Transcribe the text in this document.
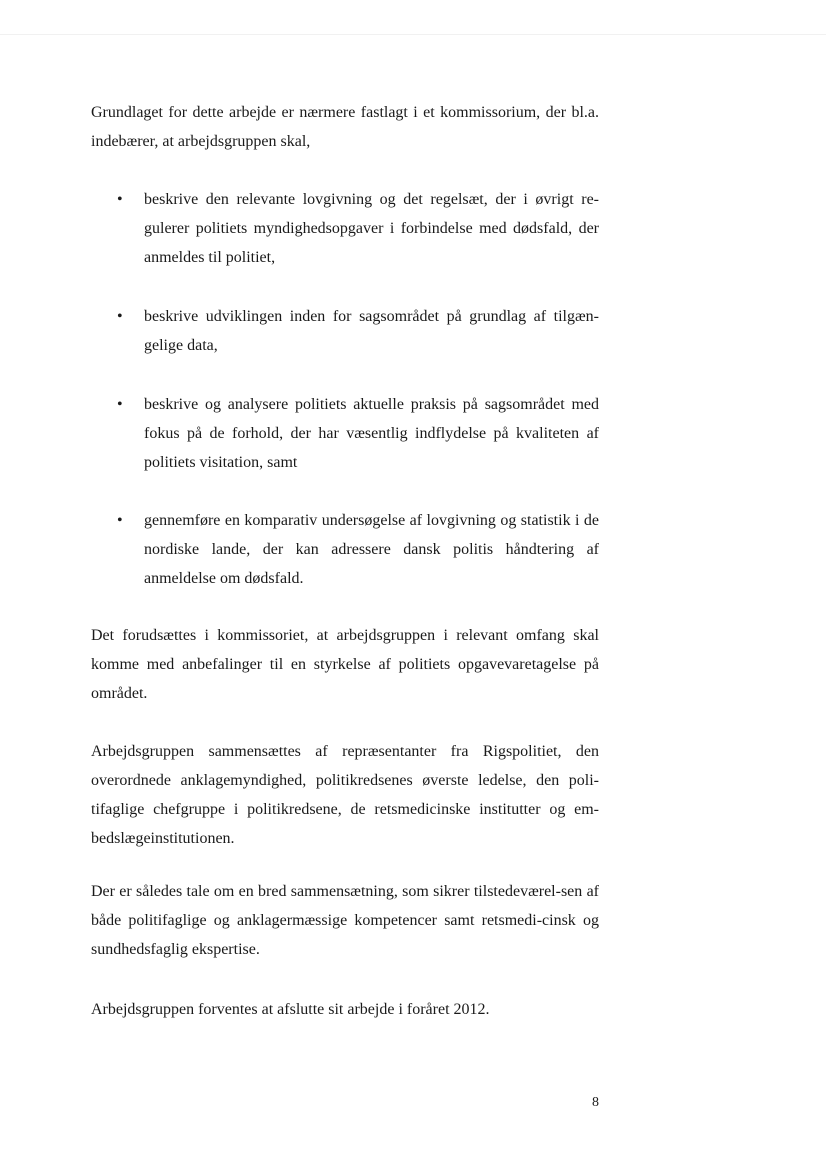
Grundlaget for dette arbejde er nærmere fastlagt i et kommissorium, der bl.a. indebærer, at arbejdsgruppen skal,

•	beskrive den relevante lovgivning og det regelsæt, der i øvrigt re-gulerer politiets myndighedsopgaver i forbindelse med dødsfald, der anmeldes til politiet,
•	beskrive udviklingen inden for sagsområdet på grundlag af tilgæn-gelige data,
•	beskrive og analysere politiets aktuelle praksis på sagsområdet med fokus på de forhold, der har væsentlig indflydelse på kvaliteten af politiets visitation, samt
•	gennemføre en komparativ undersøgelse af lovgivning og statistik i de nordiske lande, der kan adressere dansk politis håndtering af anmeldelse om dødsfald.

Det forudsættes i kommissoriet, at arbejdsgruppen i relevant omfang skal komme med anbefalinger til en styrkelse af politiets opgavevaretagelse på området.

Arbejdsgruppen sammensættes af repræsentanter fra Rigspolitiet, den overordnede anklagemyndighed, politikredsenes øverste ledelse, den poli-tifaglige chefgruppe i politikredsene, de retsmedicinske institutter og em-bedslægeinstitutionen.

Der er således tale om en bred sammensætning, som sikrer tilstedeværel-sen af både politifaglige og anklagermæssige kompetencer samt retsmedi-cinsk og sundhedsfaglig ekspertise.

Arbejdsgruppen forventes at afslutte sit arbejde i foråret 2012.

8
